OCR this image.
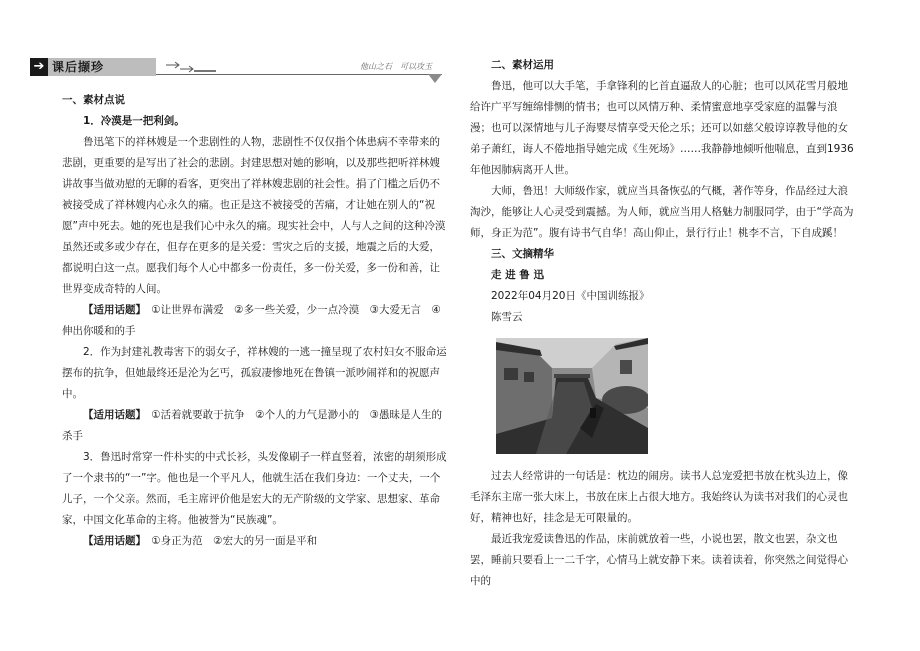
➔ 课后撷珍	他山之石　可以攻玉

一、素材点说

1．冷漠是一把利剑。

鲁迅笔下的祥林嫂是一个悲剧性的人物，悲剧性不仅仅指个体患病不幸带来的悲剧，更重要的是写出了社会的悲剧。封建思想对她的影响，以及那些把听祥林嫂讲故事当做劝慰的无聊的看客，更突出了祥林嫂悲剧的社会性。捐了门槛之后仍不被接受成了祥林嫂内心永久的痛。也正是这不被接受的苦痛，才让她在别人的“祝愿”声中死去。她的死也是我们心中永久的痛。现实社会中，人与人之间的这种冷漠虽然还或多或少存在，但存在更多的是关爱：雪灾之后的支援，地震之后的大爱，都说明白这一点。愿我们每个人心中都多一份责任，多一份关爱，多一份和善，让世界变成奇特的人间。

【适用话题】　 ①让世界布满爱　②多一些关爱，少一点冷漠　③大爱无言　④伸出你暖和的手

2．作为封建礼教毒害下的弱女子，祥林嫂的一逃一撞呈现了农村妇女不服命运摆布的抗争，但她最终还是沦为乞丐，孤寂凄惨地死在鲁镇一派吵闹祥和的祝愿声中。

【适用话题】　 ①活着就要敢于抗争　②个人的力气是渺小的　③愚昧是人生的杀手

3．鲁迅时常穿一件朴实的中式长衫，头发像刷子一样直竖着，浓密的胡须形成了一个隶书的“一”字。他也是一个平凡人，他就生活在我们身边：一个丈夫，一个儿子，一个父亲。然而，毛主席评价他是宏大的无产阶级的文学家、思想家、革命家，中国文化革命的主将。他被誉为“民族魂”。

【适用话题】　 ①身正为范　②宏大的另一面是平和

二、素材运用

鲁迅，他可以大手笔，手拿锋利的匕首直逼敌人的心脏；也可以风花雪月般地给许广平写缠绵悱恻的情书；也可以风情万种、柔情蜜意地享受家庭的温馨与浪漫；也可以深情地与儿子海婴尽情享受天伦之乐；还可以如慈父般谆谆教导他的女弟子萧红，诲人不倦地指导她完成《生死场》……我静静地倾听他喘息，直到1936年他因肺病离开人世。

大师，鲁迅！大师级作家，就应当具备恢弘的气概，著作等身，作品经过大浪淘沙，能够让人心灵受到震撼。为人师，就应当用人格魅力制服同学，由于“学高为师，身正为范”。腹有诗书气自华！高山仰止，景行行止！桃李不言，下自成蹊！

三、文摘精华

走 进 鲁 迅

2022年04月20日《中国训练报》

陈雪云

过去人经常讲的一句话是：枕边的闹房。读书人总宠爱把书放在枕头边上，像毛泽东主席一张大床上，书放在床上占很大地方。我始终认为读书对我们的心灵也好，精神也好，挂念是无可限量的。

最近我宠爱读鲁迅的作品，床前就放着一些，小说也罢，散文也罢，杂文也罢，睡前只要看上一二千字，心情马上就安静下来。读着读着，你突然之间觉得心中的
